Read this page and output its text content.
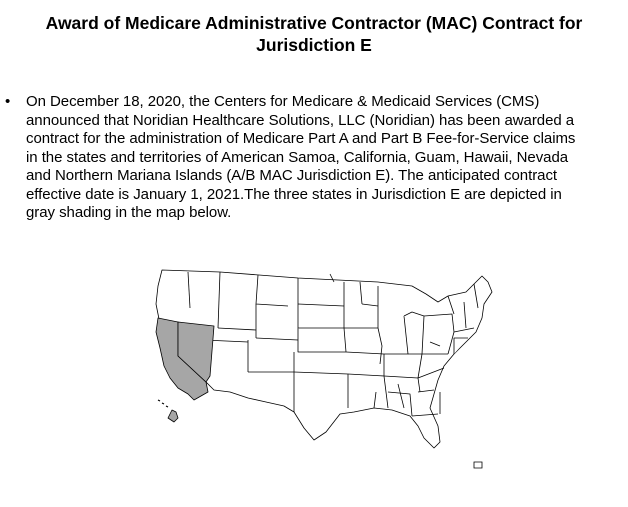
Award of Medicare Administrative Contractor (MAC) Contract for
Jurisdiction E
• On December 18, 2020, the Centers for Medicare & Medicaid Services (CMS)
announced that Noridian Healthcare Solutions, LLC (Noridian) has been awarded a
contract for the administration of Medicare Part A and Part B Fee-for-Service claims
in the states and territories of American Samoa, California, Guam, Hawaii, Nevada
and Northern Mariana Islands (A/B MAC Jurisdiction E). The anticipated contract
effective date is January 1, 2021.The three states in Jurisdiction E are depicted in
gray shading in the map below.
